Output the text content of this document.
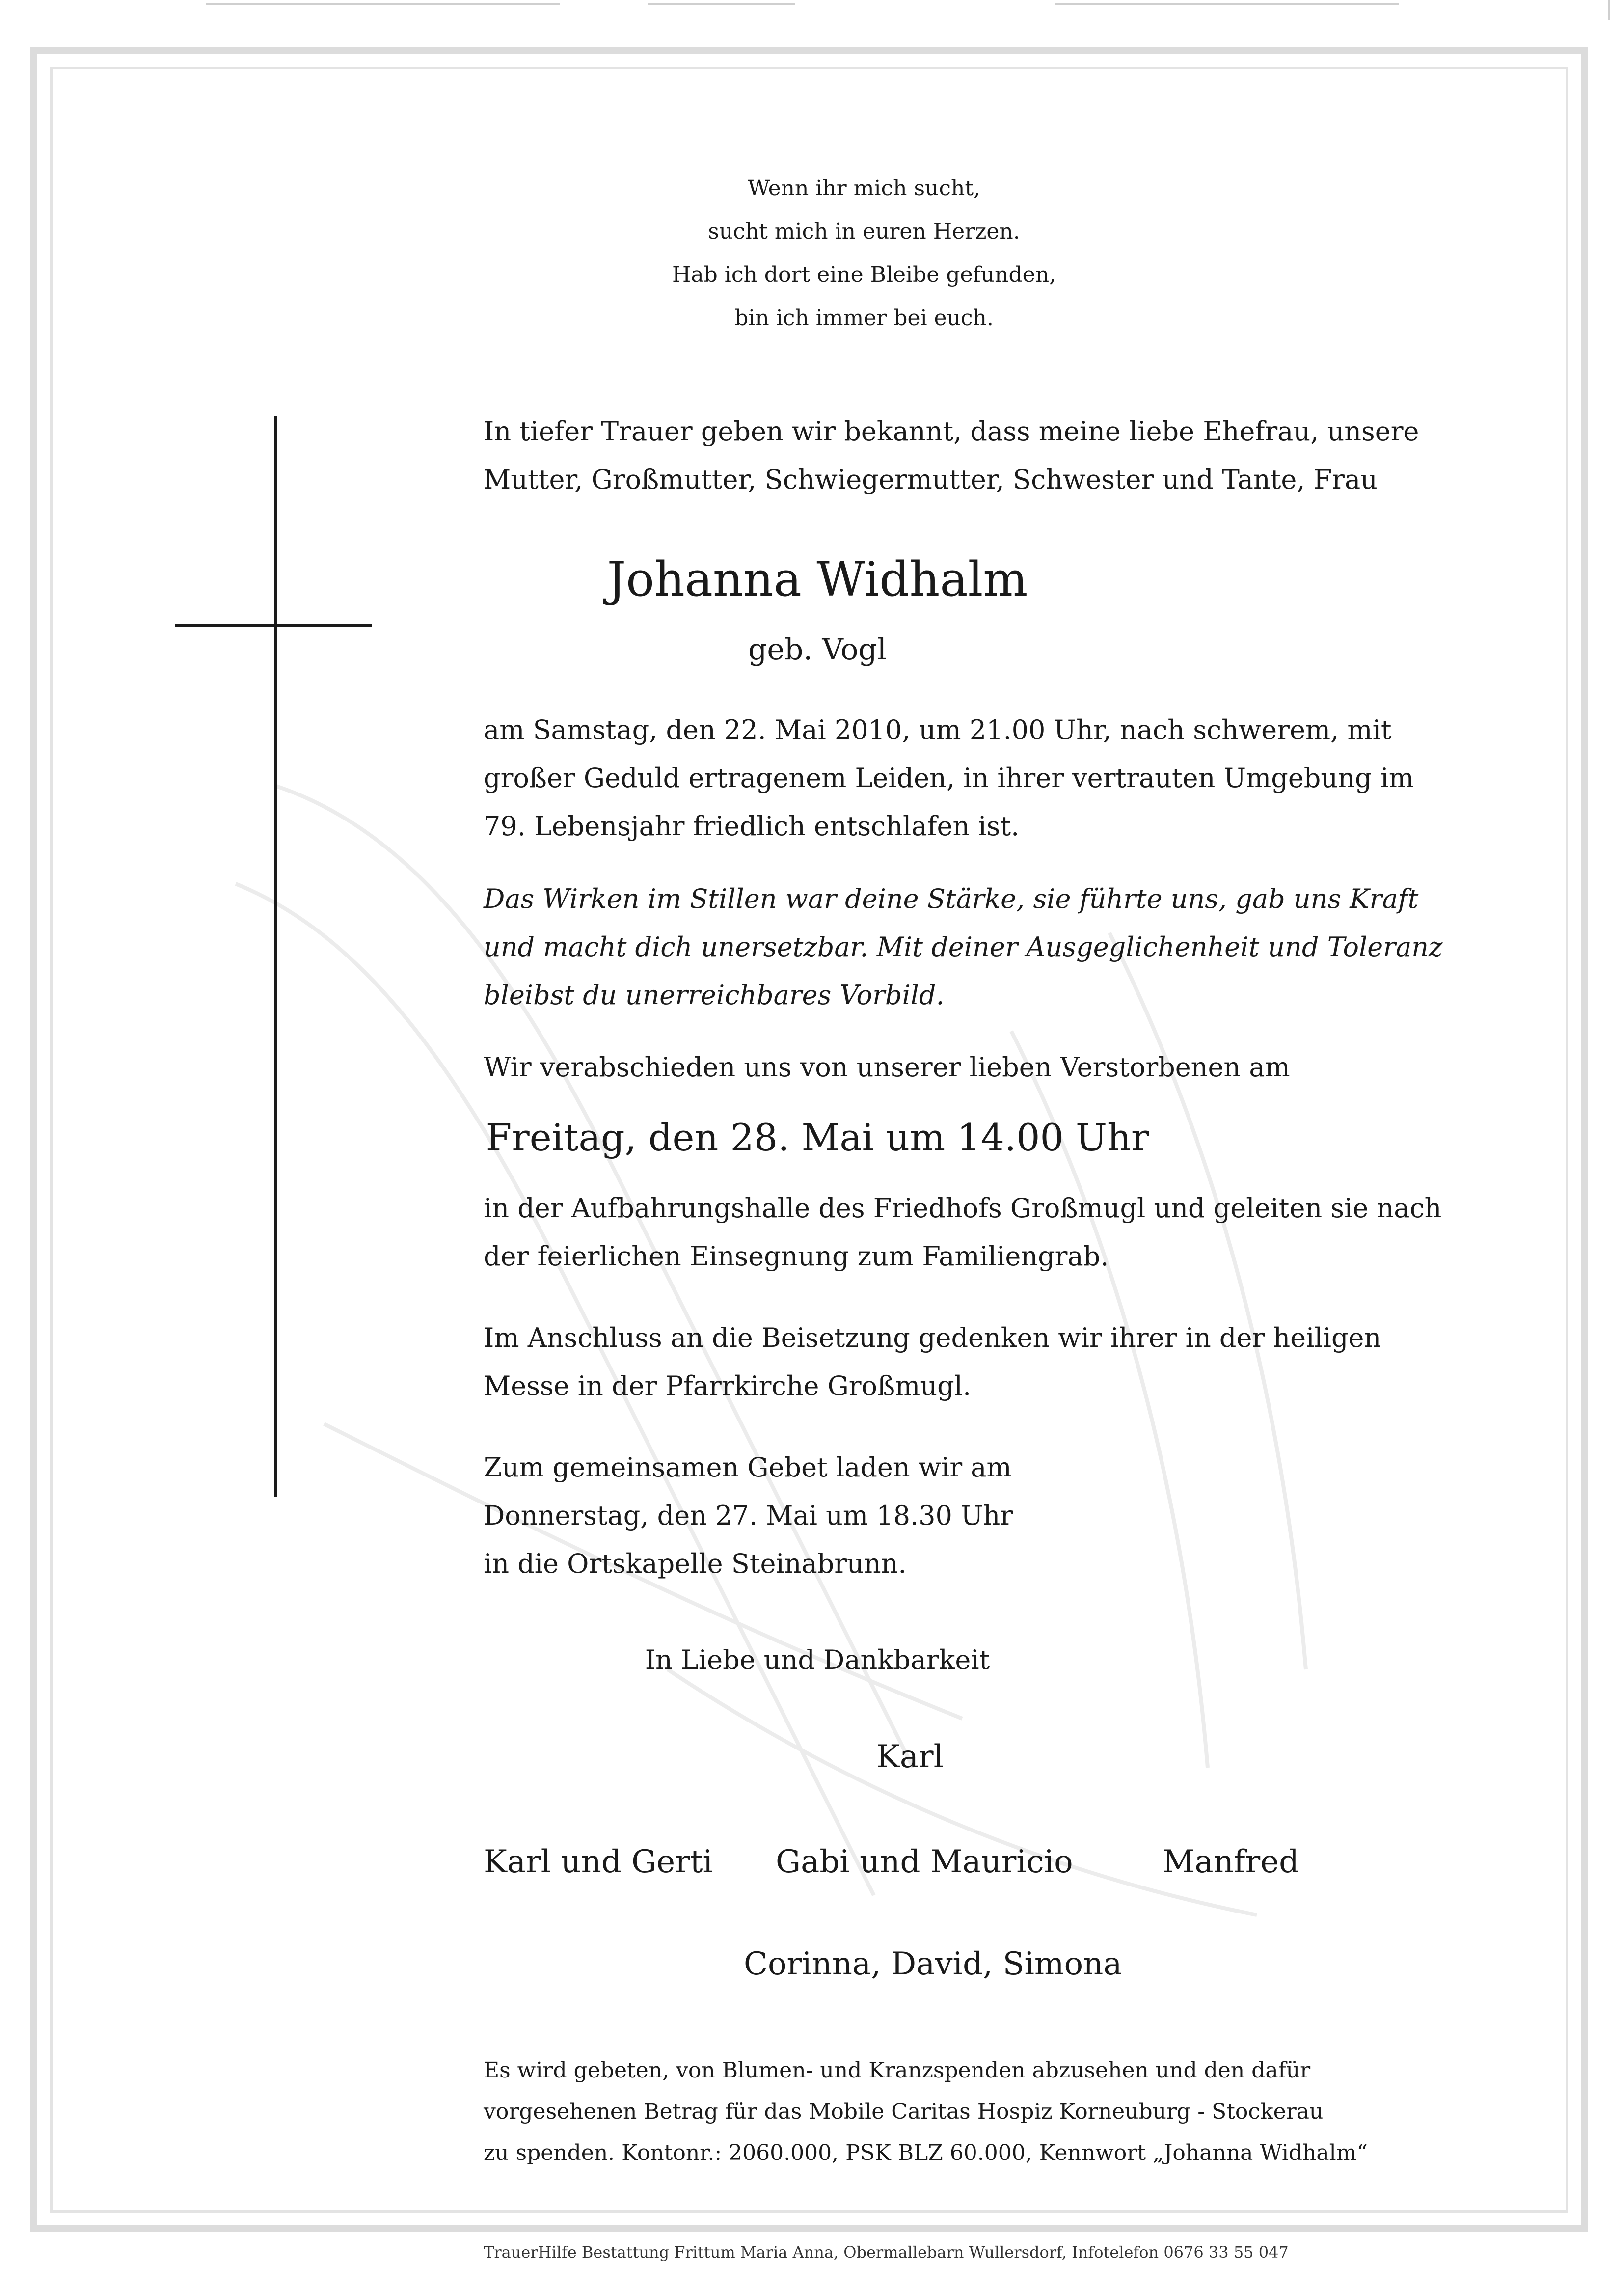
Wenn ihr mich sucht,
sucht mich in euren Herzen.
Hab ich dort eine Bleibe gefunden,
bin ich immer bei euch.
In tiefer Trauer geben wir bekannt, dass meine liebe Ehefrau, unsere
Mutter, Großmutter, Schwiegermutter, Schwester und Tante, Frau
Johanna Widhalm
geb. Vogl
am Samstag, den 22. Mai 2010, um 21.00 Uhr, nach schwerem, mit
großer Geduld ertragenem Leiden, in ihrer vertrauten Umgebung im
79. Lebensjahr friedlich entschlafen ist.
Das Wirken im Stillen war deine Stärke, sie führte uns, gab uns Kraft
und macht dich unersetzbar. Mit deiner Ausgeglichenheit und Toleranz
bleibst du unerreichbares Vorbild.
Wir verabschieden uns von unserer lieben Verstorbenen am
Freitag, den 28. Mai um 14.00 Uhr
in der Aufbahrungshalle des Friedhofs Großmugl und geleiten sie nach
der feierlichen Einsegnung zum Familiengrab.
Im Anschluss an die Beisetzung gedenken wir ihrer in der heiligen
Messe in der Pfarrkirche Großmugl.
Zum gemeinsamen Gebet laden wir am
Donnerstag, den 27. Mai um 18.30 Uhr
in die Ortskapelle Steinabrunn.
In Liebe und Dankbarkeit
Karl
Karl und Gerti Gabi und Mauricio	Manfred
Corinna, David, Simona
Es wird gebeten, von Blumen- und Kranzspenden abzusehen und den dafür
vorgesehenen Betrag für das Mobile Caritas Hospiz Korneuburg - Stockerau
zu spenden. Kontonr.: 2060.000, PSK BLZ 60.000, Kennwort „Johanna Widhalm“
TrauerHilfe Bestattung Frittum Maria Anna, Obermallebarn Wullersdorf, Infotelefon 0676 33 55 047
